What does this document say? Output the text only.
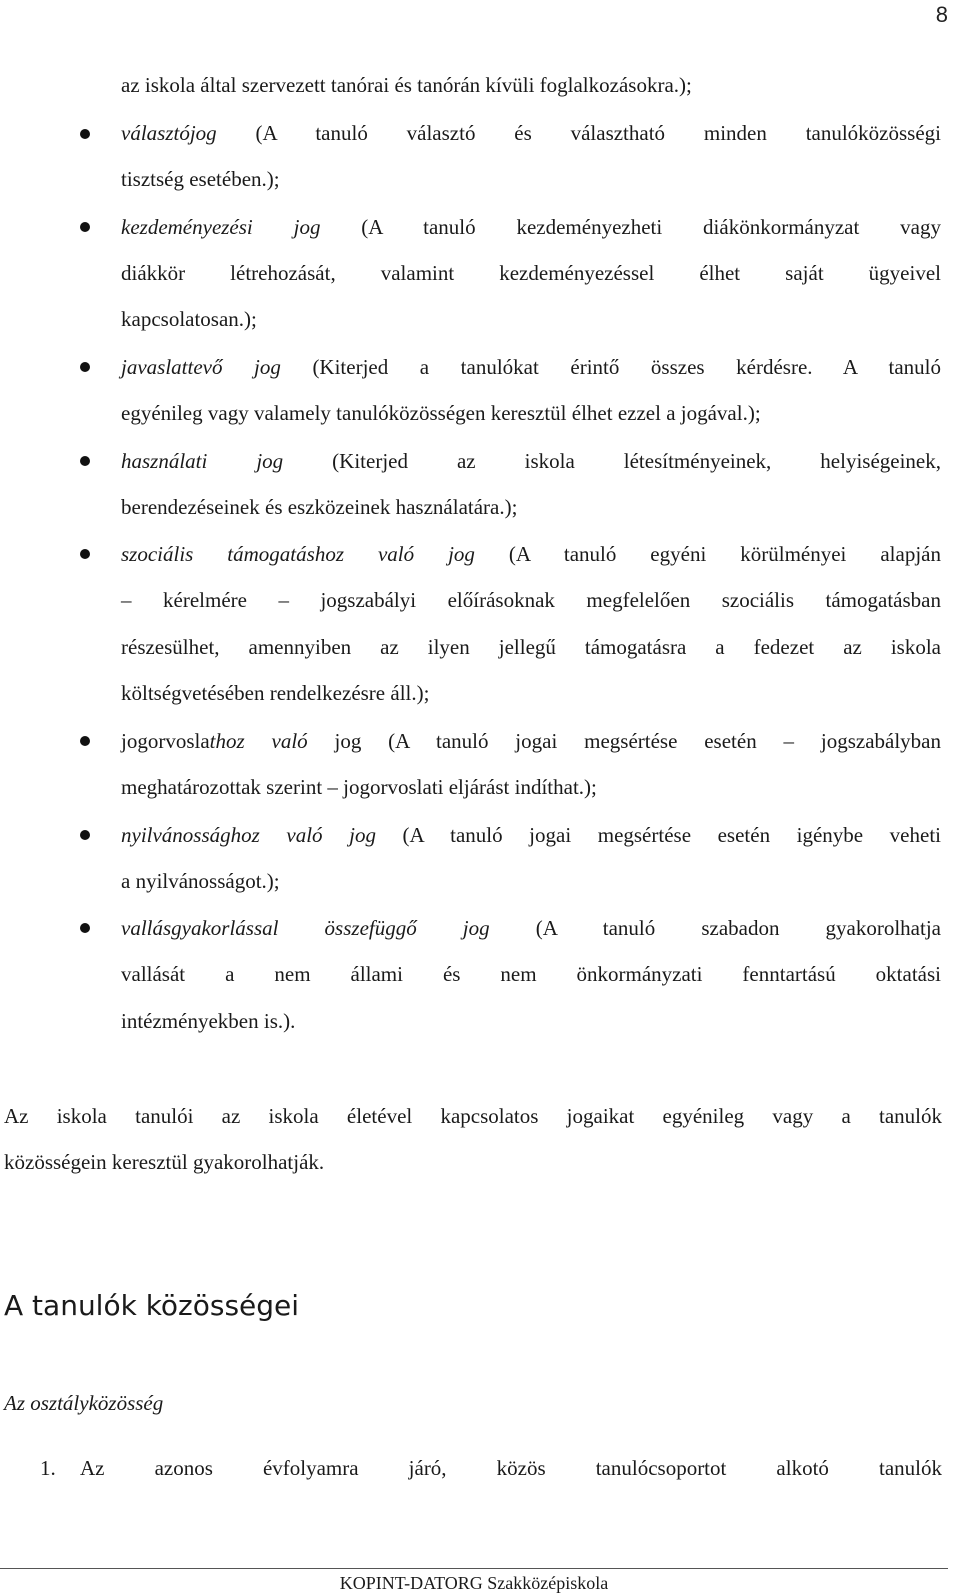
8
az iskola által szervezett tanórai és tanórán kívüli foglalkozásokra.);
választójog (A tanuló választó és választható minden tanulóközösségi
tisztség esetében.);
kezdeményezési jog (A tanuló kezdeményezheti diákönkormányzat vagy
diákkör létrehozását, valamint kezdeményezéssel élhet saját ügyeivel
kapcsolatosan.);
javaslattevő jog (Kiterjed a tanulókat érintő összes kérdésre. A tanuló
egyénileg vagy valamely tanulóközösségen keresztül élhet ezzel a jogával.);
használati jog (Kiterjed az iskola létesítményeinek, helyiségeinek,
berendezéseinek és eszközeinek használatára.);
szociális támogatáshoz való jog (A tanuló egyéni körülményei alapján
– kérelmére – jogszabályi előírásoknak megfelelően szociális támogatásban
részesülhet, amennyiben az ilyen jellegű támogatásra a fedezet az iskola
költségvetésében rendelkezésre áll.);
jogorvoslathoz való jog (A tanuló jogai megsértése esetén – jogszabályban
meghatározottak szerint – jogorvoslati eljárást indíthat.);
nyilvánossághoz való jog (A tanuló jogai megsértése esetén igénybe veheti
a nyilvánosságot.);
vallásgyakorlással összefüggő jog (A tanuló szabadon gyakorolhatja
vallását a nem állami és nem önkormányzati fenntartású oktatási
intézményekben is.).
Az iskola tanulói az iskola életével kapcsolatos jogaikat egyénileg vagy a tanulók
közösségein keresztül gyakorolhatják.
A tanulók közösségei
Az osztályközösség
1.	Az azonos évfolyamra járó, közös tanulócsoportot alkotó tanulók
KOPINT-DATORG Szakközépiskola
